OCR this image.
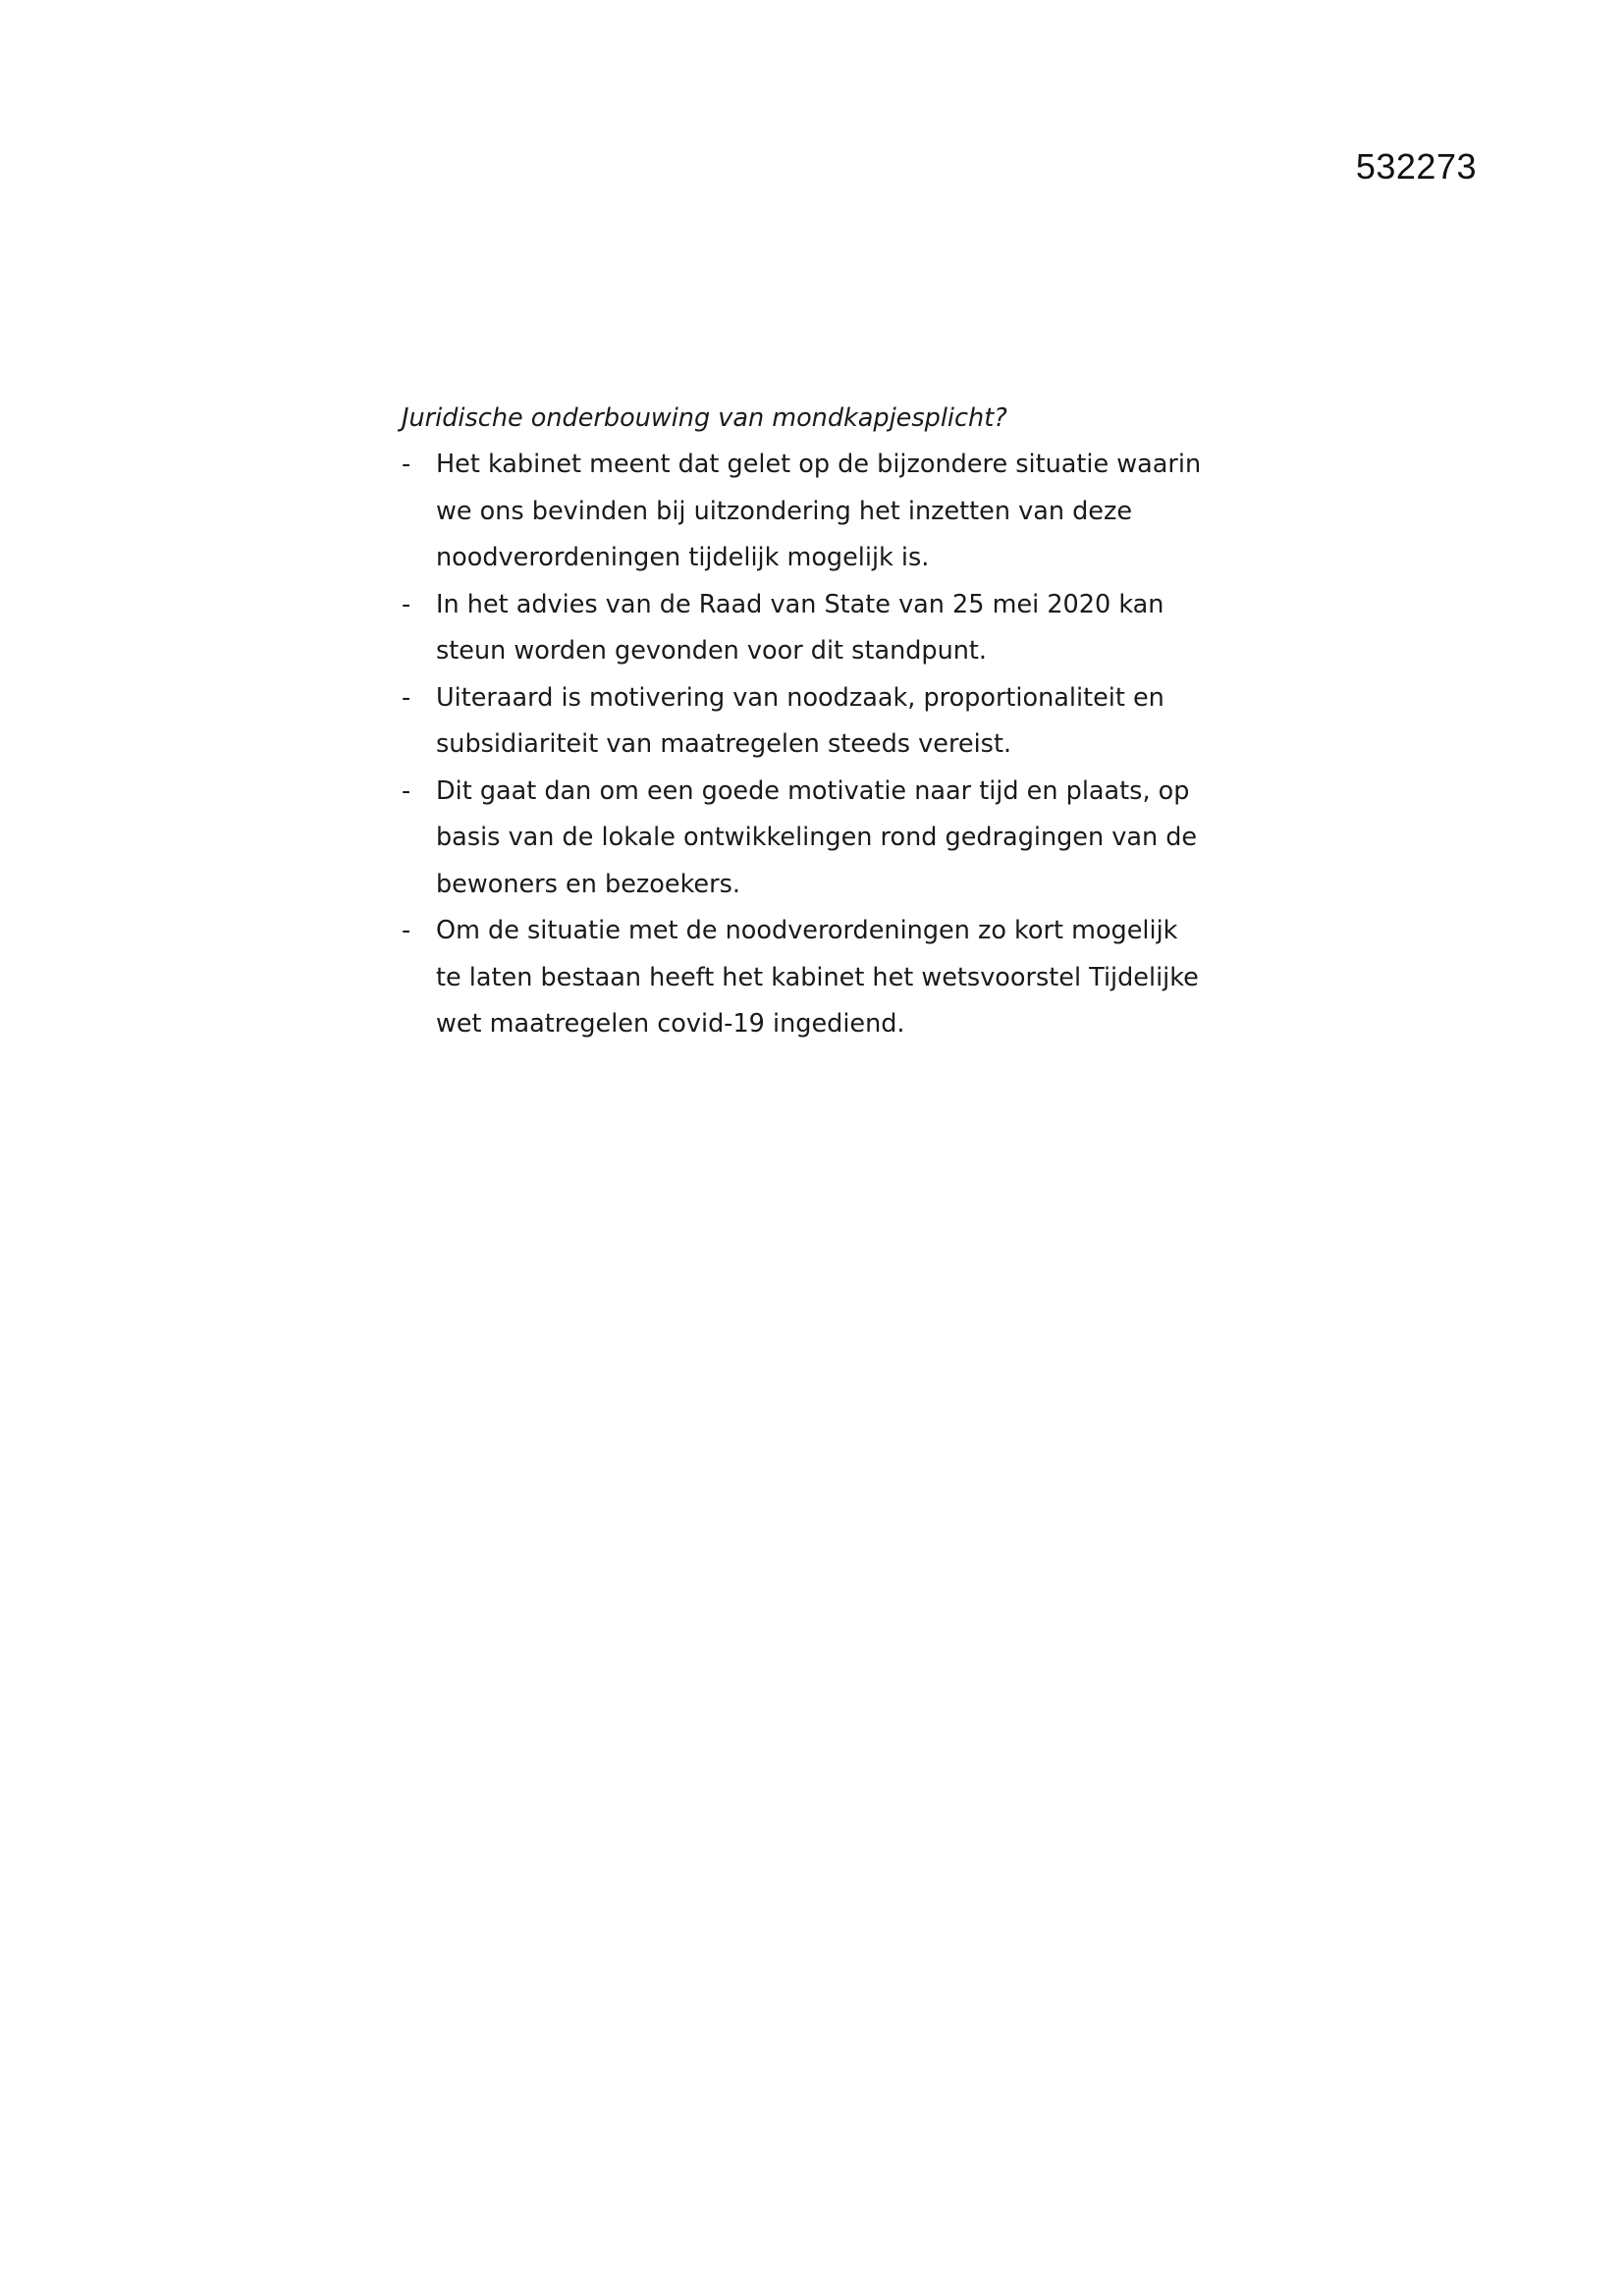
532273
Juridische onderbouwing van mondkapjesplicht?
-	Het kabinet meent dat gelet op de bijzondere situatie waarin
we ons bevinden bij uitzondering het inzetten van deze
noodverordeningen tijdelijk mogelijk is.
-	In het advies van de Raad van State van 25 mei 2020 kan
steun worden gevonden voor dit standpunt.
-	Uiteraard is motivering van noodzaak, proportionaliteit en
subsidiariteit van maatregelen steeds vereist.
-	Dit gaat dan om een goede motivatie naar tijd en plaats, op
basis van de lokale ontwikkelingen rond gedragingen van de
bewoners en bezoekers.
-	Om de situatie met de noodverordeningen zo kort mogelijk
te laten bestaan heeft het kabinet het wetsvoorstel Tijdelijke
wet maatregelen covid-19 ingediend.
